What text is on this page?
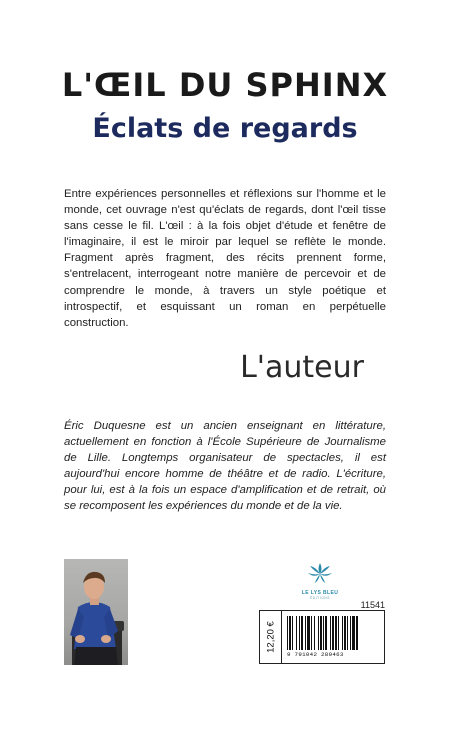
L'ŒIL DU SPHINX
Éclats de regards

Entre expériences personnelles et réflexions sur l'homme et le monde, cet ouvrage n'est qu'éclats de regards, dont l'œil tisse sans cesse le fil. L'œil : à la fois objet d'étude et fenêtre de l'imaginaire, il est le miroir par lequel se reflète le monde. Fragment après fragment, des récits prennent forme, s'entrelacent, interrogeant notre manière de percevoir et de comprendre le monde, à travers un style poétique et introspectif, et esquissant un roman en perpétuelle construction.

L'auteur

Éric Duquesne est un ancien enseignant en littérature, actuellement en fonction à l'École Supérieure de Journalisme de Lille. Longtemps organisateur de spectacles, il est aujourd'hui encore homme de théâtre et de radio. L'écriture, pour lui, est à la fois un espace d'amplification et de retrait, où se recomposent les expériences du monde et de la vie.

LE LYS BLEU
ÉDITIONS
11541
12,20 €
9 791042 289463
